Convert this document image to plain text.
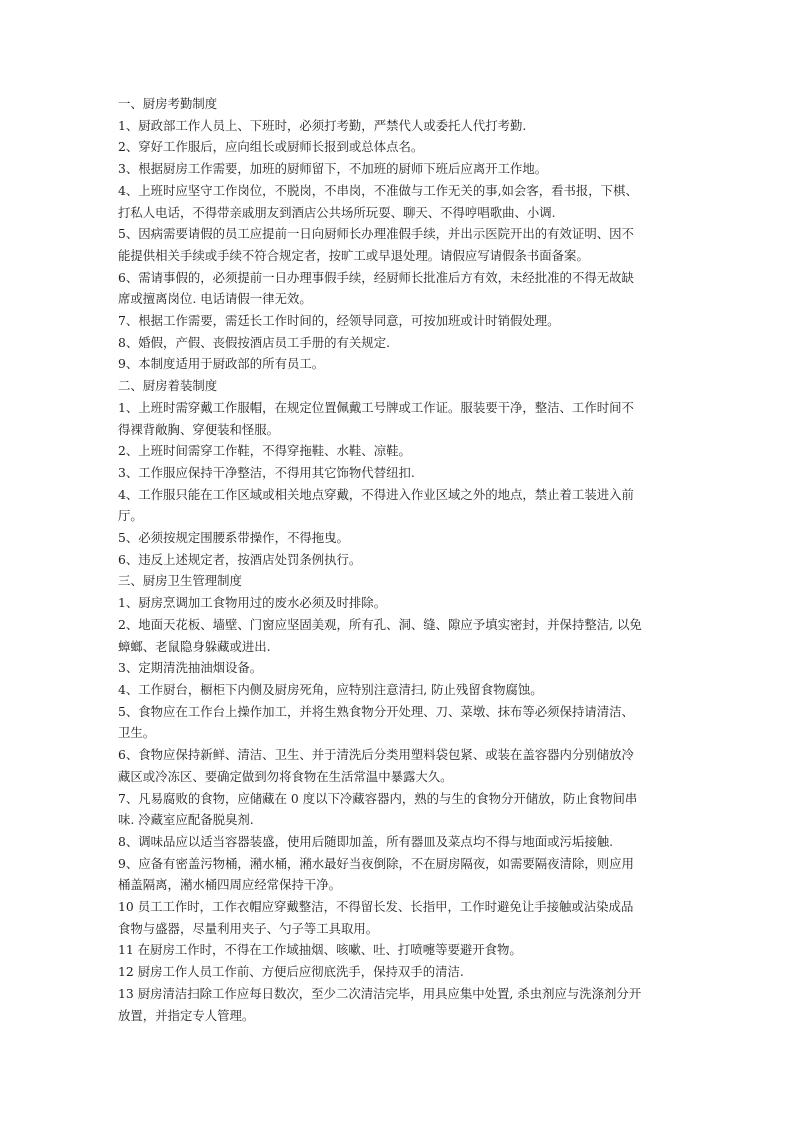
一、厨房考勤制度

1、厨政部工作人员上、下班时，必须打考勤，严禁代人或委托人代打考勤.

2、穿好工作服后，应向组长或厨师长报到或总体点名。

3、根据厨房工作需要，加班的厨师留下，不加班的厨师下班后应离开工作地。

4、上班时应坚守工作岗位，不脱岗，不串岗，不准做与工作无关的事,如会客，看书报，下棋、

打私人电话，不得带亲戚朋友到酒店公共场所玩耍、聊天、不得哼唱歌曲、小调.

5、因病需要请假的员工应提前一日向厨师长办理准假手续，并出示医院开出的有效证明、因不

能提供相关手续或手续不符合规定者，按旷工或早退处理。请假应写请假条书面备案。

6、需请事假的，必须提前一日办理事假手续，经厨师长批准后方有效，未经批准的不得无故缺

席或擅离岗位. 电话请假一律无效。

7、根据工作需要，需廷长工作时间的，经领导同意，可按加班或计时销假处理。

8、婚假，产假、丧假按酒店员工手册的有关规定.

9、本制度适用于厨政部的所有员工。

二、厨房着装制度

1、上班时需穿戴工作服帽，在规定位置佩戴工号牌或工作证。服装要干净，整洁、工作时间不

得裸背敞胸、穿便装和怪服。

2、上班时间需穿工作鞋，不得穿拖鞋、水鞋、凉鞋。

3、工作服应保持干净整洁，不得用其它饰物代替纽扣.

4、工作服只能在工作区域或相关地点穿戴，不得进入作业区域之外的地点，禁止着工装进入前

厅。

5、必须按规定围腰系带操作，不得拖曳。

6、违反上述规定者，按酒店处罚条例执行。

三、厨房卫生管理制度

1、厨房烹调加工食物用过的废水必须及时排除。

2、地面天花板、墙壁、门窗应坚固美观，所有孔、洞、缝、隙应予填实密封，并保持整洁, 以免

蟑螂、老鼠隐身躲藏或进出.

3、定期清洗抽油烟设备。

4、工作厨台，橱柜下内侧及厨房死角，应特别注意清扫, 防止残留食物腐蚀。

5、食物应在工作台上操作加工，并将生熟食物分开处理、刀、菜墩、抹布等必须保持请清洁、

卫生。

6、食物应保持新鲜、清洁、卫生、并于清洗后分类用塑料袋包紧、或装在盖容器内分别储放冷

藏区或冷冻区、要确定做到勿将食物在生活常温中暴露大久。

7、凡易腐败的食物，应储藏在 0 度以下冷藏容器内，熟的与生的食物分开储放，防止食物间串

味. 冷藏室应配备脱臭剂.

8、调味品应以适当容器装盛，使用后随即加盖，所有器皿及菜点均不得与地面或污垢接触.

9、应备有密盖污物桶，潲水桶，潲水最好当夜倒除，不在厨房隔夜，如需要隔夜清除，则应用

桶盖隔离，潲水桶四周应经常保持干净。

10 员工工作时，工作衣帽应穿戴整洁，不得留长发、长指甲，工作时避免让手接触或沾染成品

食物与盛器，尽量利用夹子、勺子等工具取用。

11 在厨房工作时，不得在工作域抽烟、咳嗽、吐、打喷嚏等要避开食物。

12 厨房工作人员工作前、方便后应彻底洗手，保持双手的清洁.

13 厨房清洁扫除工作应每日数次，至少二次清洁完毕，用具应集中处置, 杀虫剂应与洗涤剂分开

放置，并指定专人管理。
